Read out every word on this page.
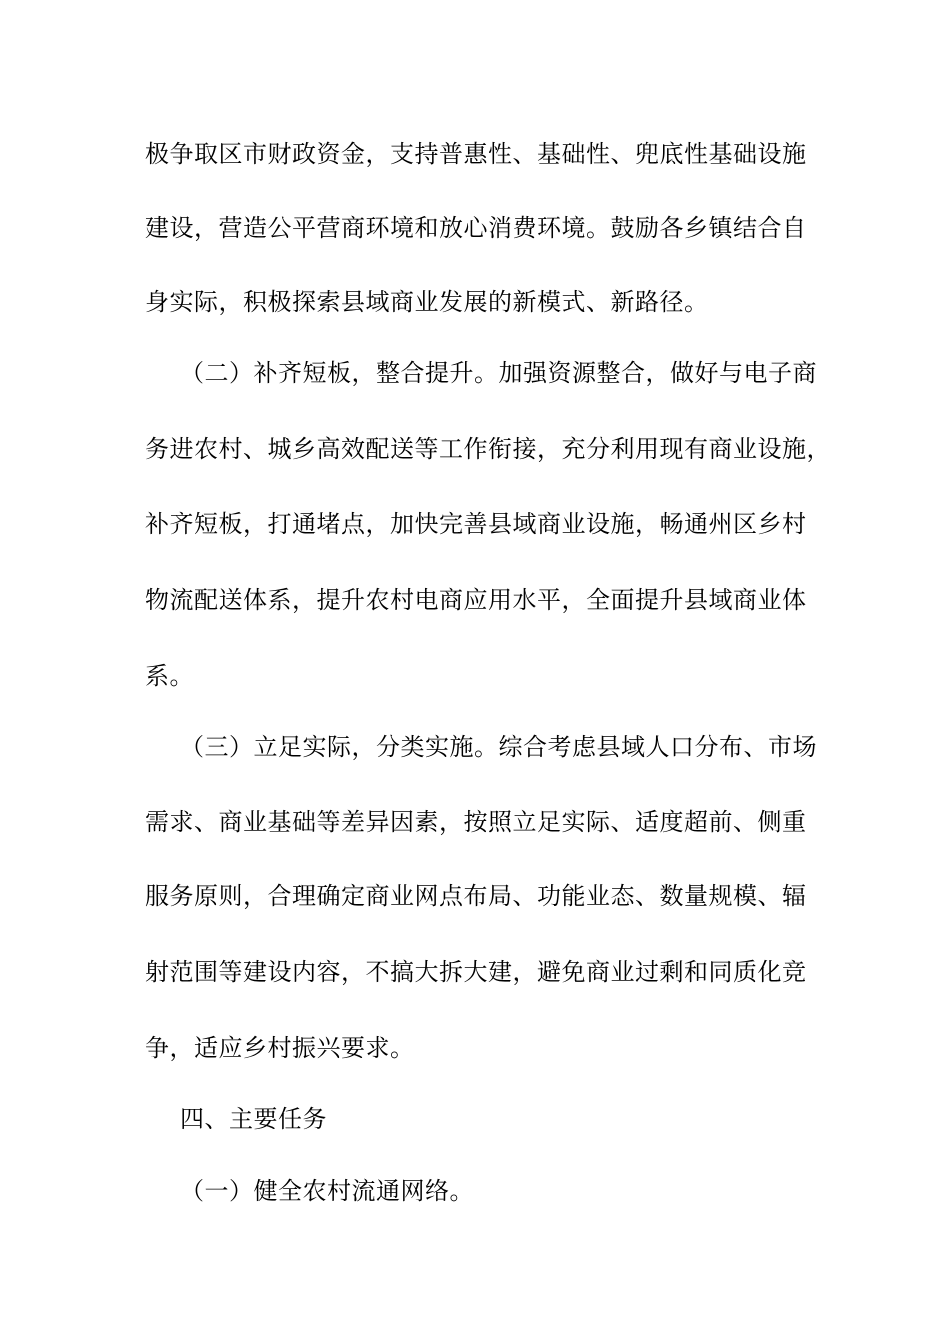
极争取区市财政资金，支持普惠性、基础性、兜底性基础设施
建设，营造公平营商环境和放心消费环境。鼓励各乡镇结合自
身实际，积极探索县域商业发展的新模式、新路径。
（二）补齐短板，整合提升。加强资源整合，做好与电子商
务进农村、城乡高效配送等工作衔接，充分利用现有商业设施，
补齐短板，打通堵点，加快完善县域商业设施，畅通州区乡村
物流配送体系，提升农村电商应用水平，全面提升县域商业体
系。
（三）立足实际，分类实施。综合考虑县域人口分布、市场
需求、商业基础等差异因素，按照立足实际、适度超前、侧重
服务原则，合理确定商业网点布局、功能业态、数量规模、辐
射范围等建设内容，不搞大拆大建，避免商业过剩和同质化竞
争，适应乡村振兴要求。
四、主要任务
（一）健全农村流通网络。
